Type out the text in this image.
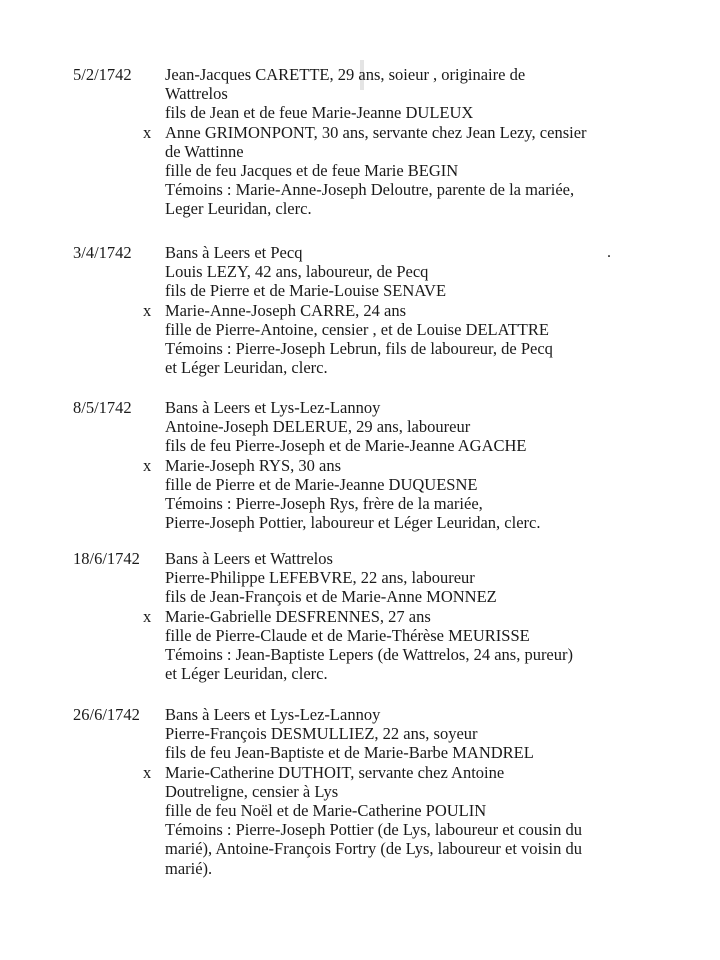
.
5/2/1742 Jean-Jacques CARETTE, 29 ans, soieur , originaire de
Wattrelos
fils de Jean et de feue Marie-Jeanne DULEUX
x Anne GRIMONPONT, 30 ans, servante chez Jean Lezy, censier
de Wattinne
fille de feu Jacques et de feue Marie BEGIN
Témoins : Marie-Anne-Joseph Deloutre, parente de la mariée,
Leger Leuridan, clerc.
3/4/1742 Bans à Leers et Pecq
Louis LEZY, 42 ans, laboureur, de Pecq
fils de Pierre et de Marie-Louise SENAVE
x Marie-Anne-Joseph CARRE, 24 ans
fille de Pierre-Antoine, censier , et de Louise DELATTRE
Témoins : Pierre-Joseph Lebrun, fils de laboureur, de Pecq
et Léger Leuridan, clerc.
8/5/1742 Bans à Leers et Lys-Lez-Lannoy
Antoine-Joseph DELERUE, 29 ans, laboureur
fils de feu Pierre-Joseph et de Marie-Jeanne AGACHE
x Marie-Joseph RYS, 30 ans
fille de Pierre et de Marie-Jeanne DUQUESNE
Témoins : Pierre-Joseph Rys, frère de la mariée,
Pierre-Joseph Pottier, laboureur et Léger Leuridan, clerc.
18/6/1742 Bans à Leers et Wattrelos
Pierre-Philippe LEFEBVRE, 22 ans, laboureur
fils de Jean-François et de Marie-Anne MONNEZ
x Marie-Gabrielle DESFRENNES, 27 ans
fille de Pierre-Claude et de Marie-Thérèse MEURISSE
Témoins : Jean-Baptiste Lepers (de Wattrelos, 24 ans, pureur)
et Léger Leuridan, clerc.
26/6/1742 Bans à Leers et Lys-Lez-Lannoy
Pierre-François DESMULLIEZ, 22 ans, soyeur
fils de feu Jean-Baptiste et de Marie-Barbe MANDREL
x Marie-Catherine DUTHOIT, servante chez Antoine
Doutreligne, censier à Lys
fille de feu Noël et de Marie-Catherine POULIN
Témoins : Pierre-Joseph Pottier (de Lys, laboureur et cousin du
marié), Antoine-François Fortry (de Lys, laboureur et voisin du
marié).
